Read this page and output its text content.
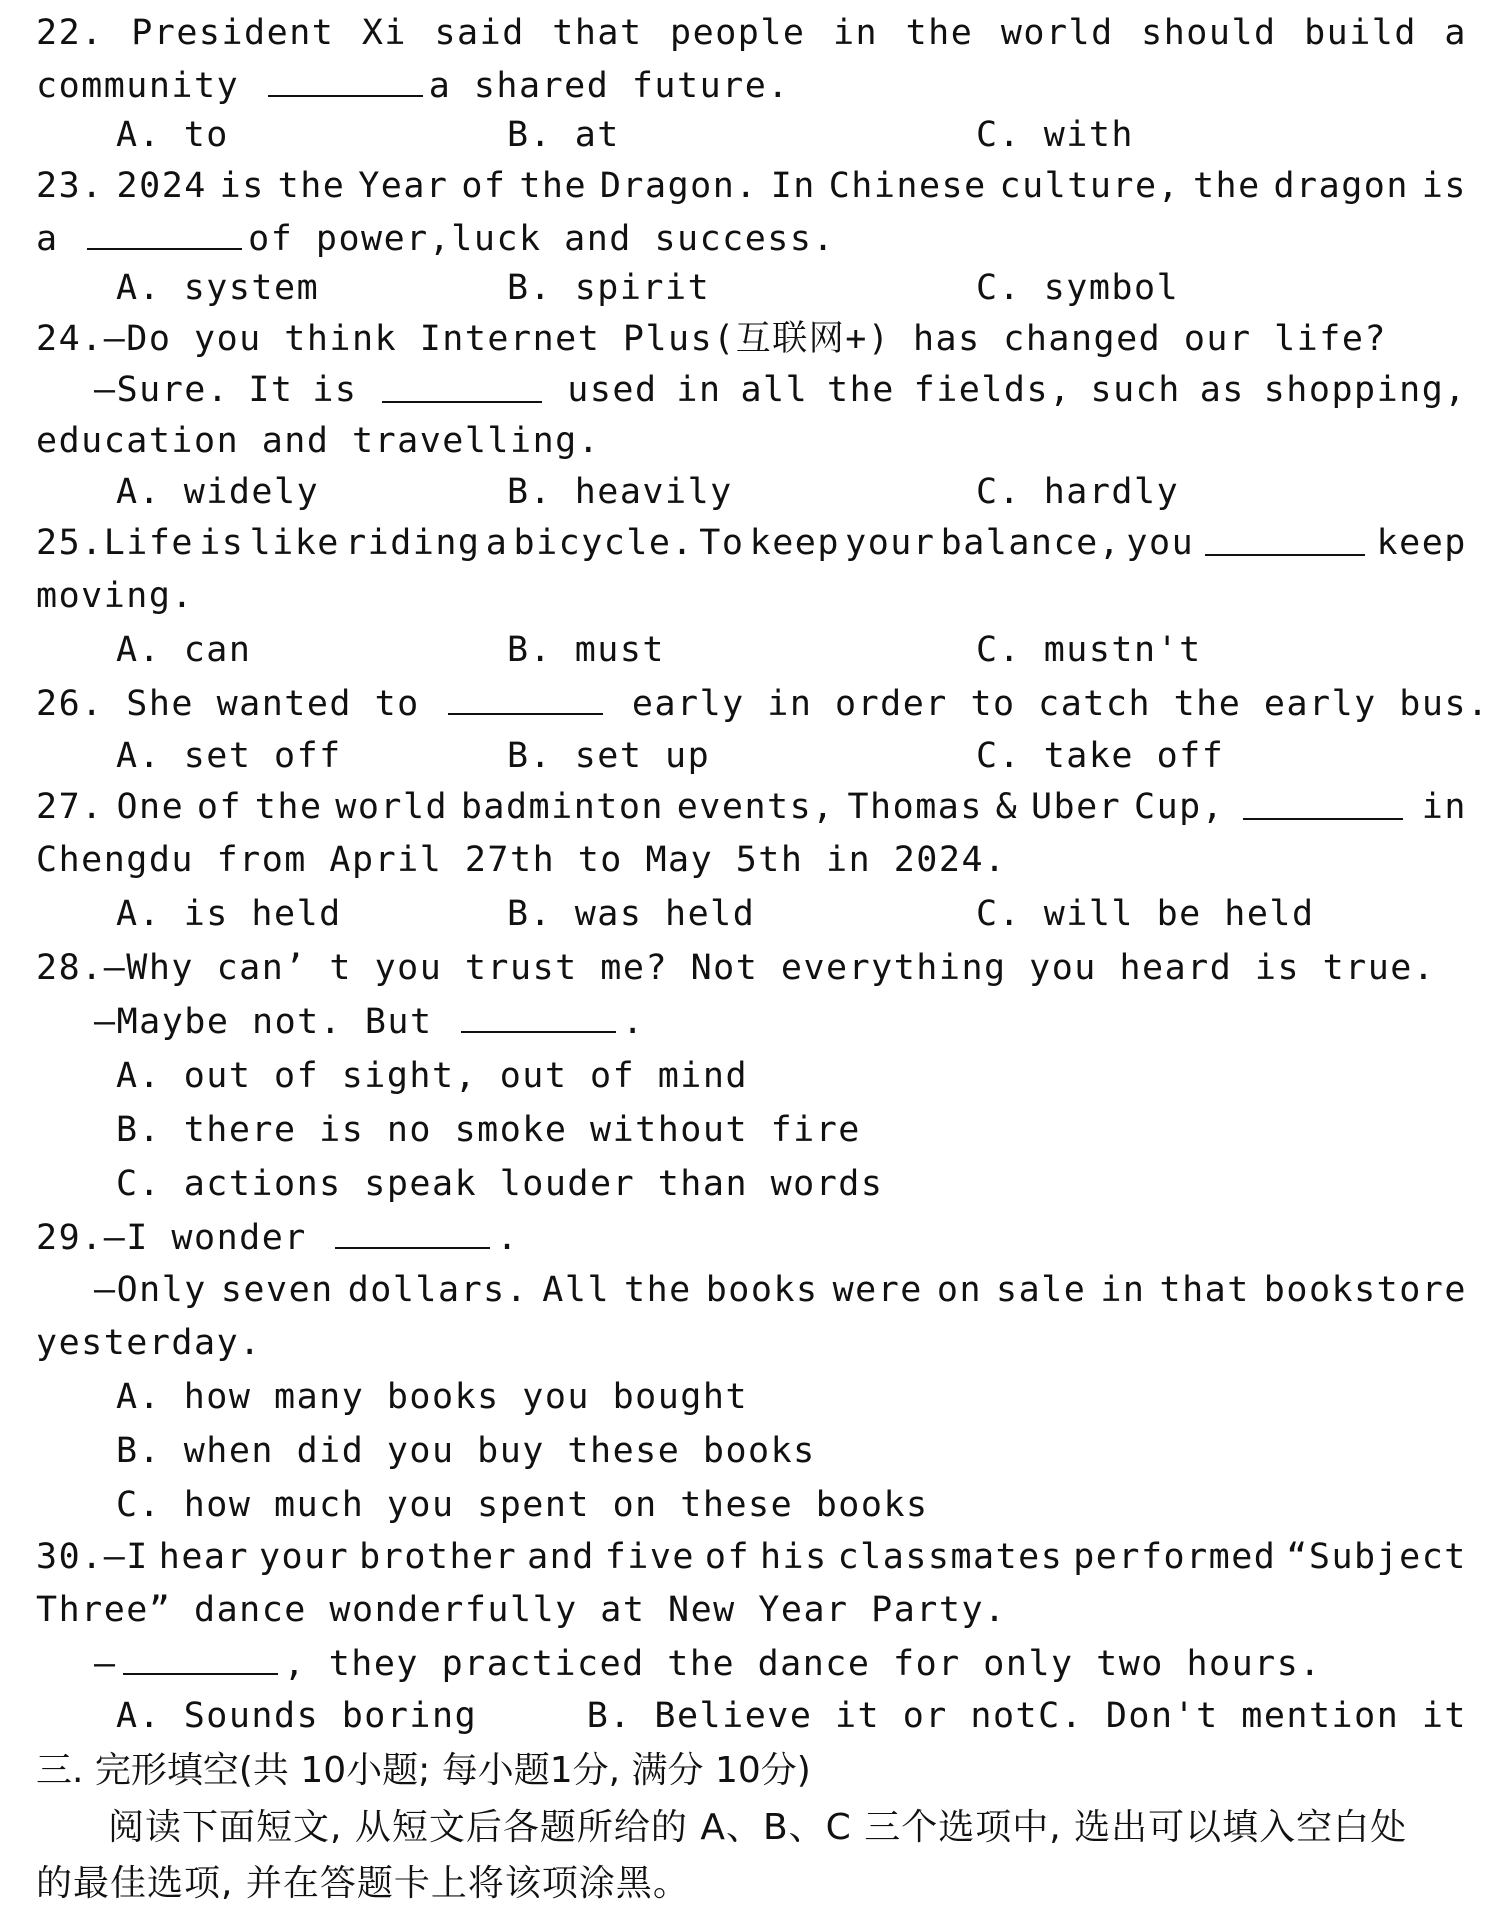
22. President Xi said that people in the world should build a
community	a shared future.
A. to	B. at	C. with
23. 2024 is the Year of the Dragon. In Chinese culture, the dragon is
a	of power,luck and success.
A. system	B. spirit	C. symbol
24.—Do you think Internet Plus(互联网+) has changed our life?
—Sure. It is	used in all the fields, such as shopping,
education and travelling.
A. widely	B. heavily	C. hardly
25.Life is like riding a bicycle. To keep your balance, you	keep
moving.
A. can	B. must	C. mustn't
26. She wanted to	early in order to catch the early bus.
A. set off	B. set up	C. take off
27. One of the world badminton events, Thomas & Uber Cup,	in
Chengdu from April 27th to May 5th in 2024.
A. is held	B. was held	C. will be held
28.—Why can’ t you trust me? Not everything you heard is true.
—Maybe not. But	.
A. out of sight, out of mind
B. there is no smoke without fire
C. actions speak louder than words
29.—I wonder	.
—Only seven dollars. All the books were on sale in that bookstore
yesterday.
A. how many books you bought
B. when did you buy these books
C. how much you spent on these books
30.—I hear your brother and five of his classmates performed “Subject
Three” dance wonderfully at New Year Party.
—	, they practiced the dance for only two hours.
A. Sounds boring	B. Believe it or not C. Don't mention it
三. 完形填空(共 10小题; 每小题1分, 满分 10分)
阅读下面短文, 从短文后各题所给的 A、B、C 三个选项中, 选出可以填入空白处的最佳选项, 并在答题卡上将该项涂黑。
